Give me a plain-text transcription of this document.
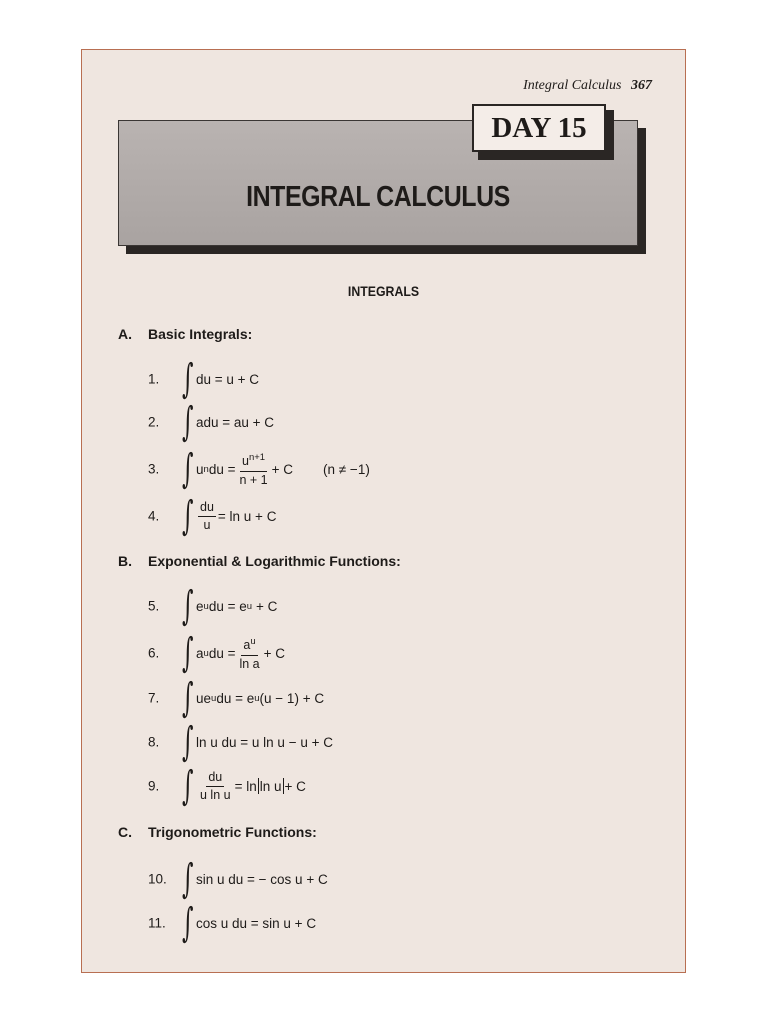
Integral Calculus 367
INTEGRAL CALCULUS
DAY 15
INTEGRALS
A. Basic Integrals:
1. ∫ du = u + C
2. ∫ adu = au + C
3. ∫ u n du = $\frac{u^{n+1}}{n + 1} + C$ (n ≠ −1)
4. ∫ $\frac{du}{u} = \ln u + C$
B. Exponential & Logarithmic Functions:
5. ∫ e u du = e u + C
6. ∫ a u du = $\frac{a^u}{\text{ln a}} + C$
7. ∫ ue u du = e u (u − 1) + C
8. ∫ ln u du = u ln u − u + C
9. ∫ $\frac{du}{\text{u ln u}} = \ln \ln u + C$
C. Trigonometric Functions:
10. ∫ sin u du = − cos u + C
11. ∫ cos u du = sin u + C
